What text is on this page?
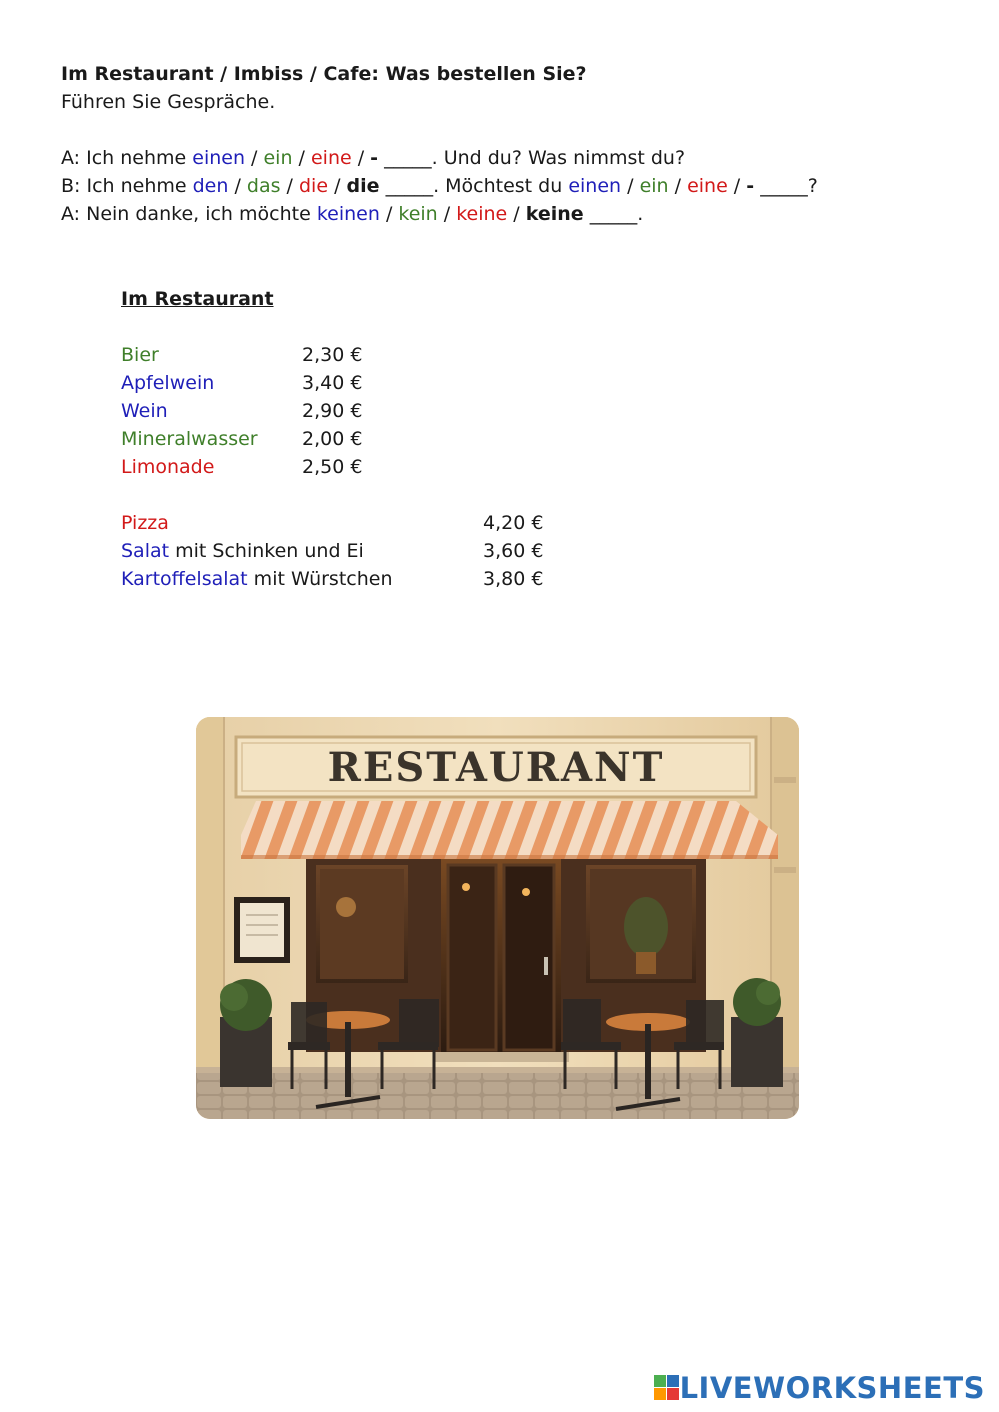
Im Restaurant / Imbiss / Cafe: Was bestellen Sie?
Führen Sie Gespräche.
A: Ich nehme einen / ein / eine / - _____. Und du? Was nimmst du?
B: Ich nehme den / das / die / die _____. Möchtest du einen / ein / eine / - _____?
A: Nein danke, ich möchte keinen / kein / keine / keine _____.
Im Restaurant

Bier

	2,30 €

Apfelwein

	3,40 €

Wein

	2,90 €

Mineralwasser

2,00 €

Limonade

	2,50 €

Pizza

	4,20 €

Salat mit Schinken und Ei

	3,60 €

Kartoffelsalat mit Würstchen

	3,80 €

RESTAURANT
LIVEWORKSHEETS
